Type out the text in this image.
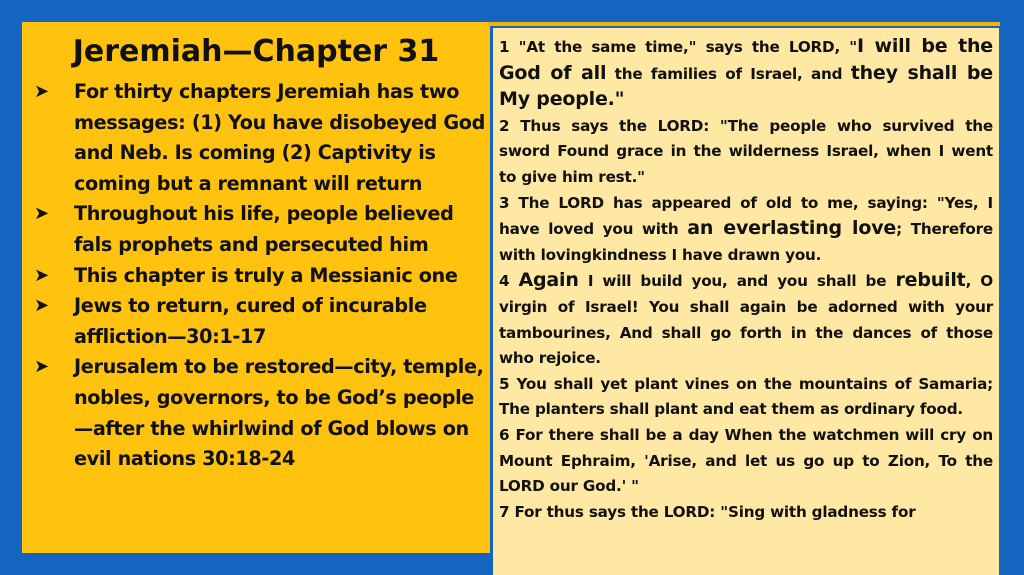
Jeremiah—Chapter 31
➤	For thirty chapters Jeremiah has two messages: (1) You have disobeyed God and Neb. Is coming (2) Captivity is coming but a remnant will return
➤	Throughout his life, people believed fals prophets and persecuted him
➤	This chapter is truly a Messianic one
➤	Jews to return, cured of incurable affliction—30:1-17
➤	Jerusalem to be restored—city, temple, nobles, governors, to be God’s people—after the whirlwind of God blows on evil nations 30:18-24

1 "At the same time," says the LORD, "I will be the God of all the families of Israel, and they shall be My people."

2 Thus says the LORD: "The people who survived the sword Found grace in the wilderness Israel, when I went to give him rest."

3 The LORD has appeared of old to me, saying: "Yes, I have loved you with an everlasting love; Therefore with lovingkindness I have drawn you.

4 Again I will build you, and you shall be rebuilt, O virgin of Israel! You shall again be adorned with your tambourines, And shall go forth in the dances of those who rejoice.

5 You shall yet plant vines on the mountains of Samaria; The planters shall plant and eat them as ordinary food.

6 For there shall be a day When the watchmen will cry on Mount Ephraim, 'Arise, and let us go up to Zion, To the LORD our God.' "

7 For thus says the LORD: "Sing with gladness for
